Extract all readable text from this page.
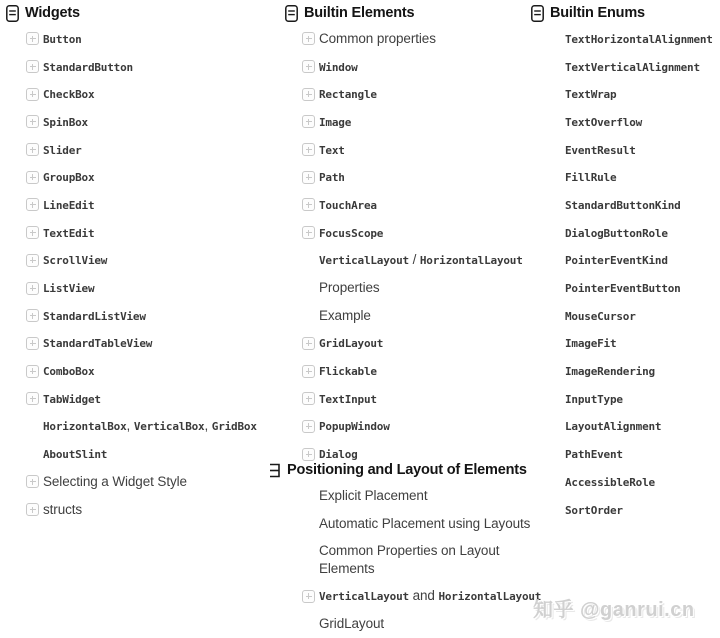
Widgets
Button
StandardButton
CheckBox
SpinBox
Slider
GroupBox
LineEdit
TextEdit
ScrollView
ListView
StandardListView
StandardTableView
ComboBox
TabWidget
HorizontalBox, VerticalBox, GridBox
AboutSlint
Selecting a Widget Style
structs
Builtin Elements
Common properties
Window
Rectangle
Image
Text
Path
TouchArea
FocusScope
VerticalLayout / HorizontalLayout
Properties
Example
GridLayout
Flickable
TextInput
PopupWindow
Dialog
Positioning and Layout of Elements
Explicit Placement
Automatic Placement using Layouts
Common Properties on Layout Elements
VerticalLayout and HorizontalLayout
GridLayout
Builtin Enums
TextHorizontalAlignment
TextVerticalAlignment
TextWrap
TextOverflow
EventResult
FillRule
StandardButtonKind
DialogButtonRole
PointerEventKind
PointerEventButton
MouseCursor
ImageFit
ImageRendering
InputType
LayoutAlignment
PathEvent
AccessibleRole
SortOrder
知乎 @ganrui.cn
